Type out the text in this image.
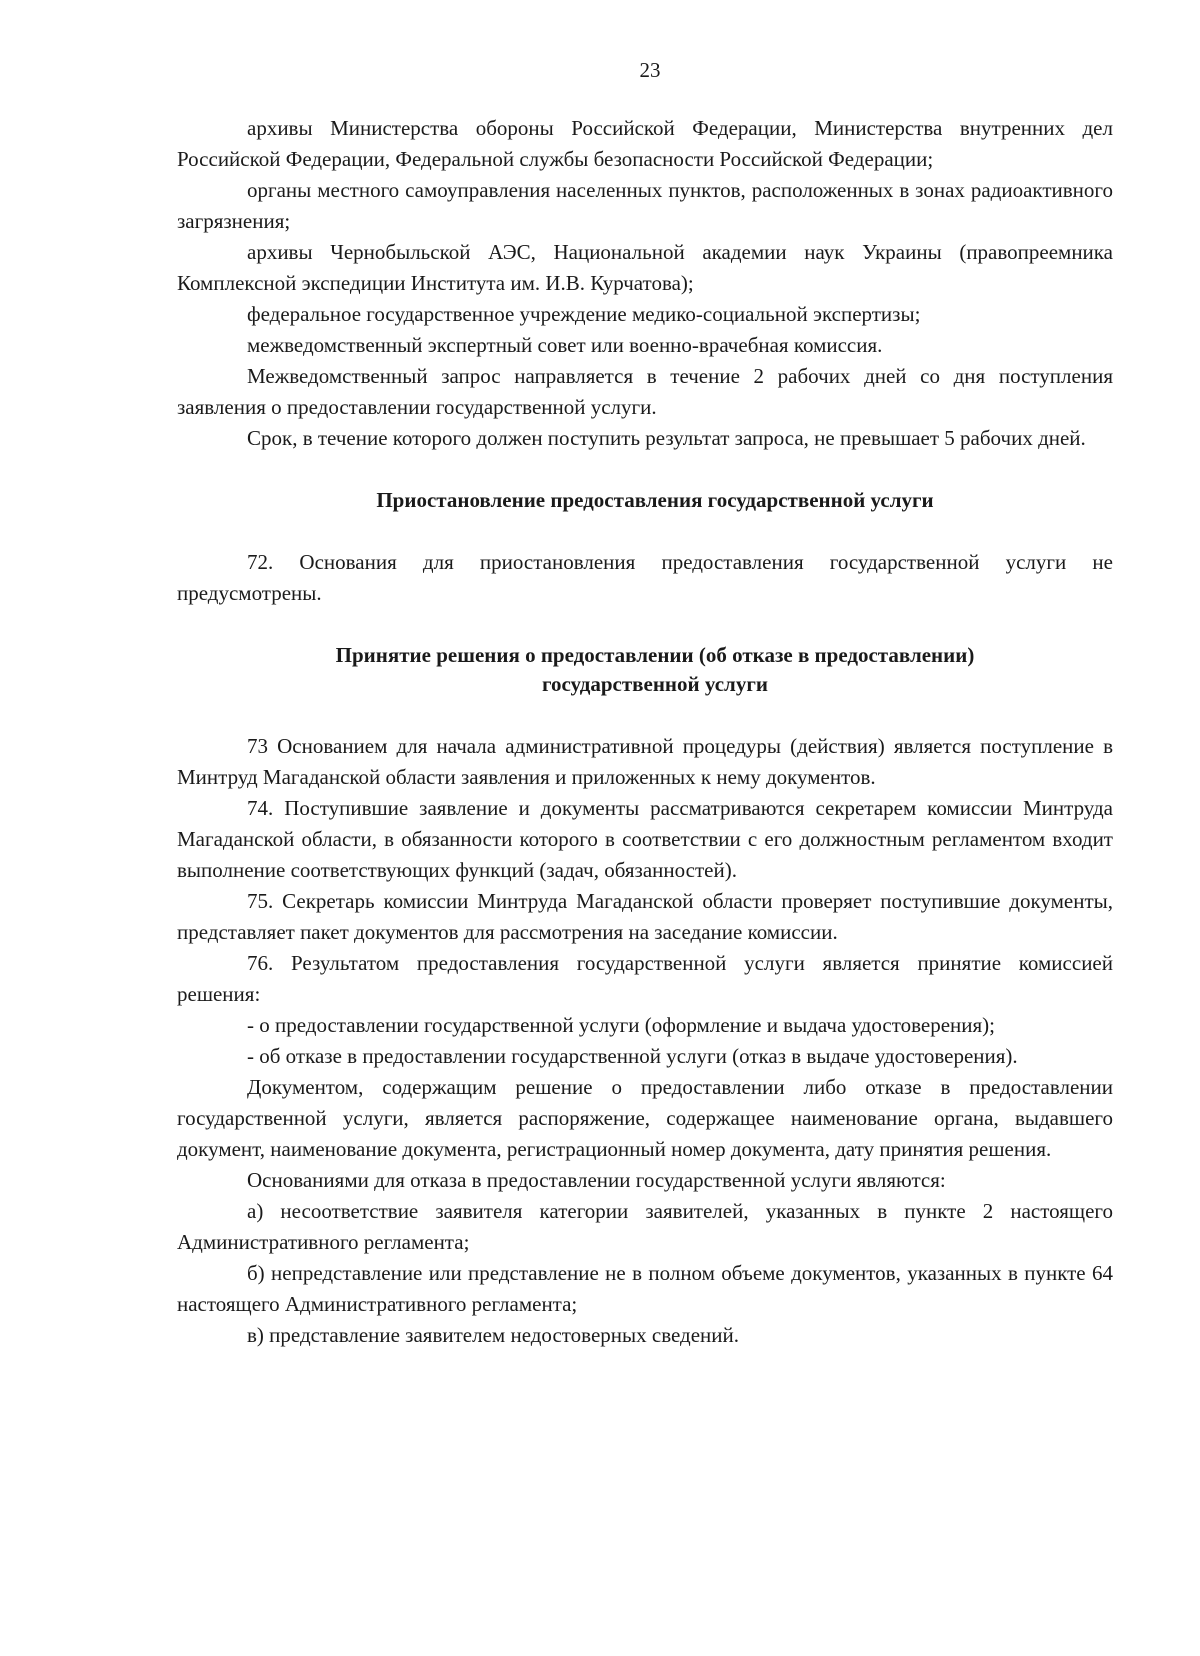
23

архивы Министерства обороны Российской Федерации, Министерства внутренних дел Российской Федерации, Федеральной службы безопасности Российской Федерации;

органы местного самоуправления населенных пунктов, расположенных в зонах радиоактивного загрязнения;

архивы Чернобыльской АЭС, Национальной академии наук Украины (правопреемника Комплексной экспедиции Института им. И.В. Курчатова);

федеральное государственное учреждение медико-социальной экспертизы;

межведомственный экспертный совет или военно-врачебная комиссия.

Межведомственный запрос направляется в течение 2 рабочих дней со дня поступления заявления о предоставлении государственной услуги.

Срок, в течение которого должен поступить результат запроса, не превышает 5 рабочих дней.

Приостановление предоставления государственной услуги

72. Основания для приостановления предоставления государственной услуги не предусмотрены.

Принятие решения о предоставлении (об отказе в предоставлении)

государственной услуги

73 Основанием для начала административной процедуры (действия) является поступление в Минтруд Магаданской области заявления и приложенных к нему документов.

74. Поступившие заявление и документы рассматриваются секретарем комиссии Минтруда Магаданской области, в обязанности которого в соответствии с его должностным регламентом входит выполнение соответствующих функций (задач, обязанностей).

75. Секретарь комиссии Минтруда Магаданской области проверяет поступившие документы, представляет пакет документов для рассмотрения на заседание комиссии.

76. Результатом предоставления государственной услуги является принятие комиссией решения:

- о предоставлении государственной услуги (оформление и выдача удостоверения);

- об отказе в предоставлении государственной услуги (отказ в выдаче удостоверения).

Документом, содержащим решение о предоставлении либо отказе в предоставлении государственной услуги, является распоряжение, содержащее наименование органа, выдавшего документ, наименование документа, регистрационный номер документа, дату принятия решения.

Основаниями для отказа в предоставлении государственной услуги являются:

а) несоответствие заявителя категории заявителей, указанных в пункте 2 настоящего Административного регламента;

б) непредставление или представление не в полном объеме документов, указанных в пункте 64 настоящего Административного регламента;

в) представление заявителем недостоверных сведений.
